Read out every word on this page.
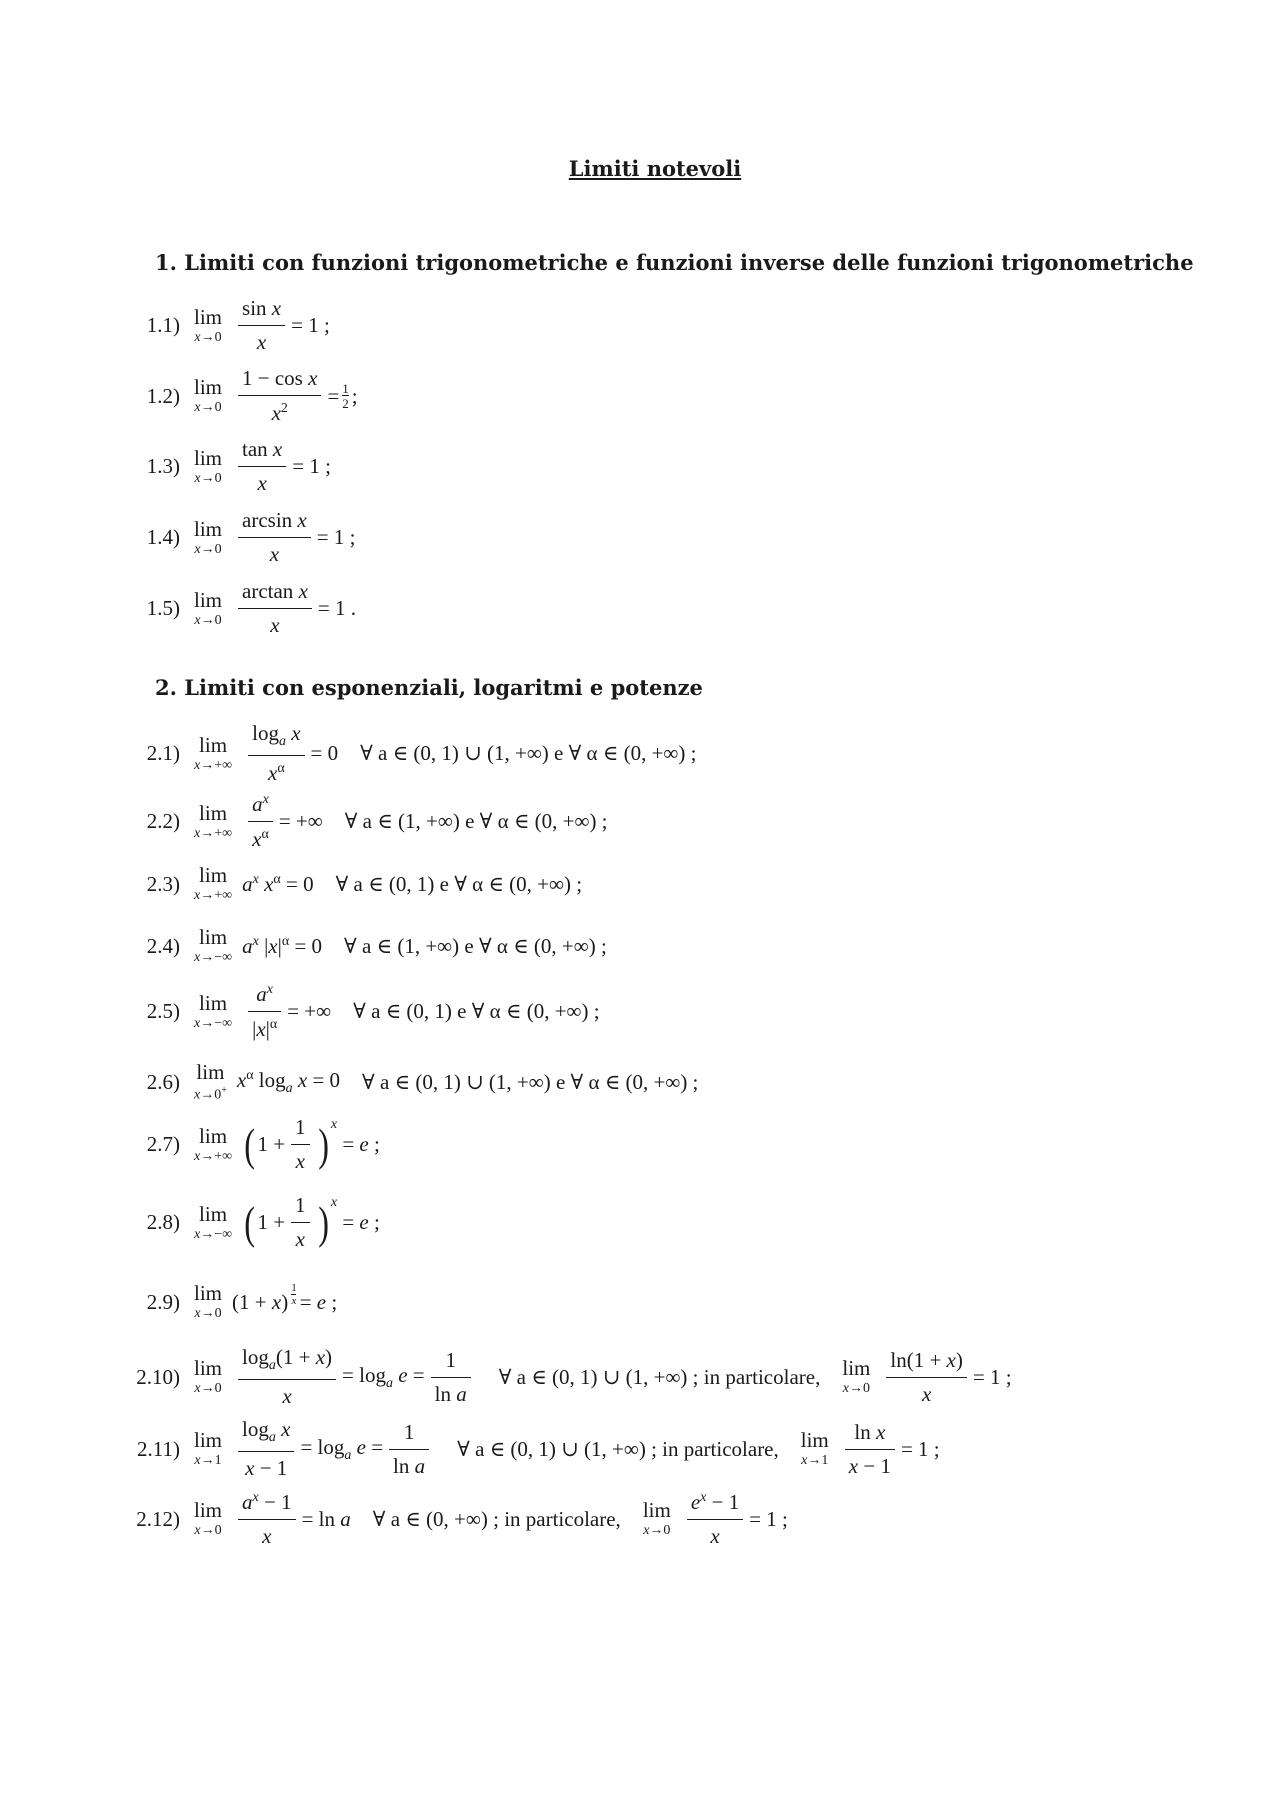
Limiti notevoli
1. Limiti con funzioni trigonometriche e funzioni inverse delle funzioni trigonometriche
1.1) lim
$x\to 0 \frac{\text{sin x}}{x} = 1$ ;
1.2) lim
$x\to 0 \frac{\text{1 − cos x}}{x^2} = \frac{1}{2}$ ;
1.3) lim
$x\to 0 \frac{\text{tan x}}{x} = 1$ ;
1.4) lim
$x\to 0 \frac{\text{arcsin x}}{x} = 1$ ;
1.5) lim
$x\to 0 \frac{\text{arctan x}}{x} = 1$ .
2. Limiti con esponenziali, logaritmi e potenze
2.1) lim
$x\to+\infty \frac{\log_a x}{x^\alpha} = 0$ ∀ a ∈ (0, 1) ∪ (1, +∞) e ∀ α ∈ (0, +∞) ;
2.2) lim
$x\to+\infty \frac{a^x}{x^\alpha}$ = +∞ ∀ a ∈ (1, +∞) e ∀ α ∈ (0, +∞) ;
2.3) lim
x→+∞ $a^x$ $x^\alpha = 0$ ∀ a ∈ (0, 1) e ∀ α ∈ (0, +∞) ;
2.4) lim
x→−∞ $a^x$ $|x|^\alpha = 0$ ∀ a ∈ (1, +∞) e ∀ α ∈ (0, +∞) ;
2.5) lim
$x\to-\infty \frac{a^x}{|x|^\alpha}$ = +∞ ∀ a ∈ (0, 1) e ∀ α ∈ (0, +∞) ;
2.6) lim
x→0+ $x^\alpha$ $\log_a x = 0$ ∀ a ∈ (0, 1) ∪ (1, +∞) e ∀ α ∈ (0, +∞) ;
2.7) lim
x→+∞ ( $1 + \frac{1}{x}$ ) $^x$
= e ;
2.8) lim
x→−∞ ( $1 + \frac{1}{x}$ ) $^x$
= e ;
2.9) lim
x→0 (1 + x) $^{\frac{1}{x}}$ = e ;
2.10) lim
$x\to 0 \frac{\log_a(1 + x)}{x} = \log_a e = \frac{1}{\text{ln a}}$ ∀ a ∈ (0, 1) ∪ (1, +∞) ; in particolare, lim
$x\to 0 \frac{\ln(1 + x)}{x} = 1$ ;
2.11) lim
$x\to 1 \frac{\log_a x}{x - 1} = \log_a e = \frac{1}{\text{ln a}}$ ∀ a ∈ (0, 1) ∪ (1, +∞) ; in particolare, lim
$x\to 1 \frac{\text{ln x}}{x - 1} = 1$ ;
2.12) lim
$x\to 0 \frac{a^x - 1}{x} = \ln a$ ∀ a ∈ (0, +∞) ; in particolare, lim
$x\to 0 \frac{e^x - 1}{x} = 1$ ;
